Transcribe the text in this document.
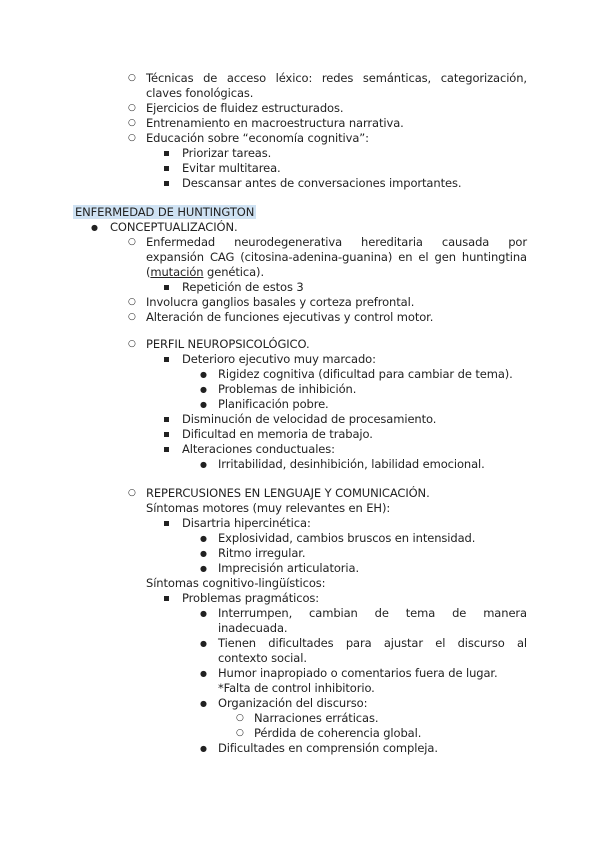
○ Técnicas de acceso léxico: redes semánticas, categorización,
claves fonológicas.
○ Ejercicios de fluidez estructurados.
○ Entrenamiento en macroestructura narrativa.
○ Educación sobre “economía cognitiva”:
Priorizar tareas.
Evitar multitarea.
Descansar antes de conversaciones importantes.
ENFERMEDAD DE HUNTINGTON
● CONCEPTUALIZACIÓN.
○ Enfermedad neurodegenerativa hereditaria causada por
expansión CAG (citosina-adenina-guanina) en el gen huntingtina
(mutación genética).
Repetición de estos 3
○ Involucra ganglios basales y corteza prefrontal.
○ Alteración de funciones ejecutivas y control motor.
○ PERFIL NEUROPSICOLÓGICO.
Deterioro ejecutivo muy marcado:
● Rigidez cognitiva (dificultad para cambiar de tema).
● Problemas de inhibición.
● Planificación pobre.
Disminución de velocidad de procesamiento.
Dificultad en memoria de trabajo.
Alteraciones conductuales:
● Irritabilidad, desinhibición, labilidad emocional.
○ REPERCUSIONES EN LENGUAJE Y COMUNICACIÓN.
Síntomas motores (muy relevantes en EH):
Disartria hipercinética:
● Explosividad, cambios bruscos en intensidad.
● Ritmo irregular.
● Imprecisión articulatoria.
Síntomas cognitivo-lingüísticos:
Problemas pragmáticos:
● Interrumpen, cambian de tema de manera
inadecuada.
● Tienen dificultades para ajustar el discurso al
contexto social.
● Humor inapropiado o comentarios fuera de lugar.
*Falta de control inhibitorio.
● Organización del discurso:
○ Narraciones erráticas.
○ Pérdida de coherencia global.
● Dificultades en comprensión compleja.
